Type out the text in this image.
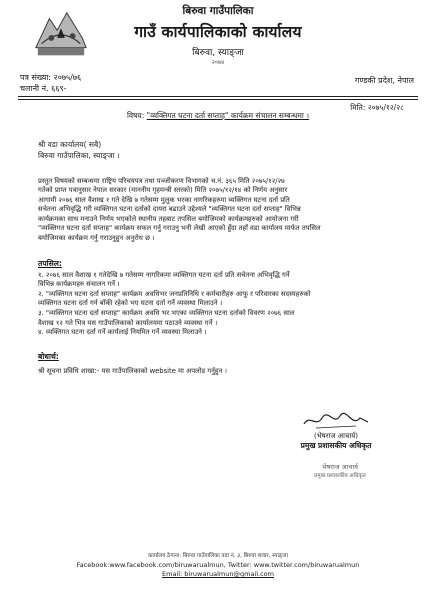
बिरुवा गाउँपालिका
गाउँ कार्यपालिकाको कार्यालय
बिरुवा, स्याङ्जा
२०७४
पत्र संख्या: २०७५/७६
चलानी नं. ६६९-
गण्डकी प्रदेश, नेपाल
मिति: २०७५/१२/२८
विषय: "व्यक्तिगत घटना दर्ता सप्ताह" कार्यक्रम संचालन सम्बन्धमा ।
श्री वडा कार्यालय( सबै)
बिरुवा गाउँपालिका, स्याङ्जा ।
प्रस्तुत विषयको सम्बन्धमा राष्ट्रिय परिचयपत्र तथा पञ्जीकरण विभागको च.नं. ३६५ मिति २०७५/१२/२७
गतेको प्राप्त पत्रानुसार नेपाल सरकार (माननीय गृहमन्त्री स्तरको) मिति २०७५/१२/१४ को निर्णय अनुसार
आगामी २०७६ साल वैशाख १ गते देखि ७ गतेसम्म मुलुक भरका नागरिकहरुमा व्यक्तिगत घटना दर्ता प्रति
सचेतना अभिवृद्धि गरी व्यक्तिगत घटना दर्ताको दायरा बढाउने उद्देश्यले "व्यक्तिगत घटना दर्ता सप्ताह" विभिन्न
कार्यक्रमका साथ मनाउने निर्णय भएकोले स्थानीय तहबाट तपसिल बमोजिमको कार्यक्रमहरुको आयोजना गरी
"व्यक्तिगत घटना दर्ता सप्ताह" कार्यक्रम सफल गर्नु गराउनु भनी लेखी आएको हुँदा तहाँ वडा कार्यालय मार्फत तपसिल
बमोजिमका कार्यक्रम गर्नु गराउनुहुन अनुरोध छ ।
तपसिल:
१. २०७६ साल वैशाख १ गतेदेखि ७ गतेसम्म नागरिकमा व्यक्तिगत घटना दर्ता प्रति सचेतना अभिवृद्धि गर्ने
विभिन्न कार्यक्रमहरु संचालन गर्ने ।
२. "व्यक्तिगत घटना दर्ता सप्ताह" कार्यक्रम अवधिभर जनप्रतिनिधि र कर्मचारीहरु आफू र परिवारका सदस्यहरुको
व्यक्तिगत घटना दर्ता गर्न बाँकी रहेको भए घटना दर्ता गर्ने व्यवस्था मिलाउने ।
३. "व्यक्तिगत घटना दर्ता सप्ताह" कार्यक्रम अवधि भर भएका व्यक्तिगत घटना दर्ताको विवरण २०७६ साल
वैशाख १२ गते भित्र यस गाउँपालिकाको कार्यालयमा पठाउने व्यवस्था गर्ने ।
४. व्यक्तिगत घटना दर्ता गर्ने कार्यलाई नियमित गर्ने व्यवस्था मिलाउने ।
बोधार्थ:
श्री सूचना प्रविधि शाखा:- यस गाउँपालिकाको website मा अपलोड गर्नुहुन ।
(भेषराज आचार्य)
प्रमुख प्रशासकीय अधिकृत
भेषराज आचार्य
प्रमुख प्रशासकीय अधिकृत
कार्यालय ठेगाना: बिरुवा गाउँपालिका वडा नं. ३, बिरुवा बजार, स्याङ्जा
Facebook:www.facebook.com/biruwarualmun, Twitter: www.twitter.com/biruwarualmun
Email: biruwarualmun@gmail.com
